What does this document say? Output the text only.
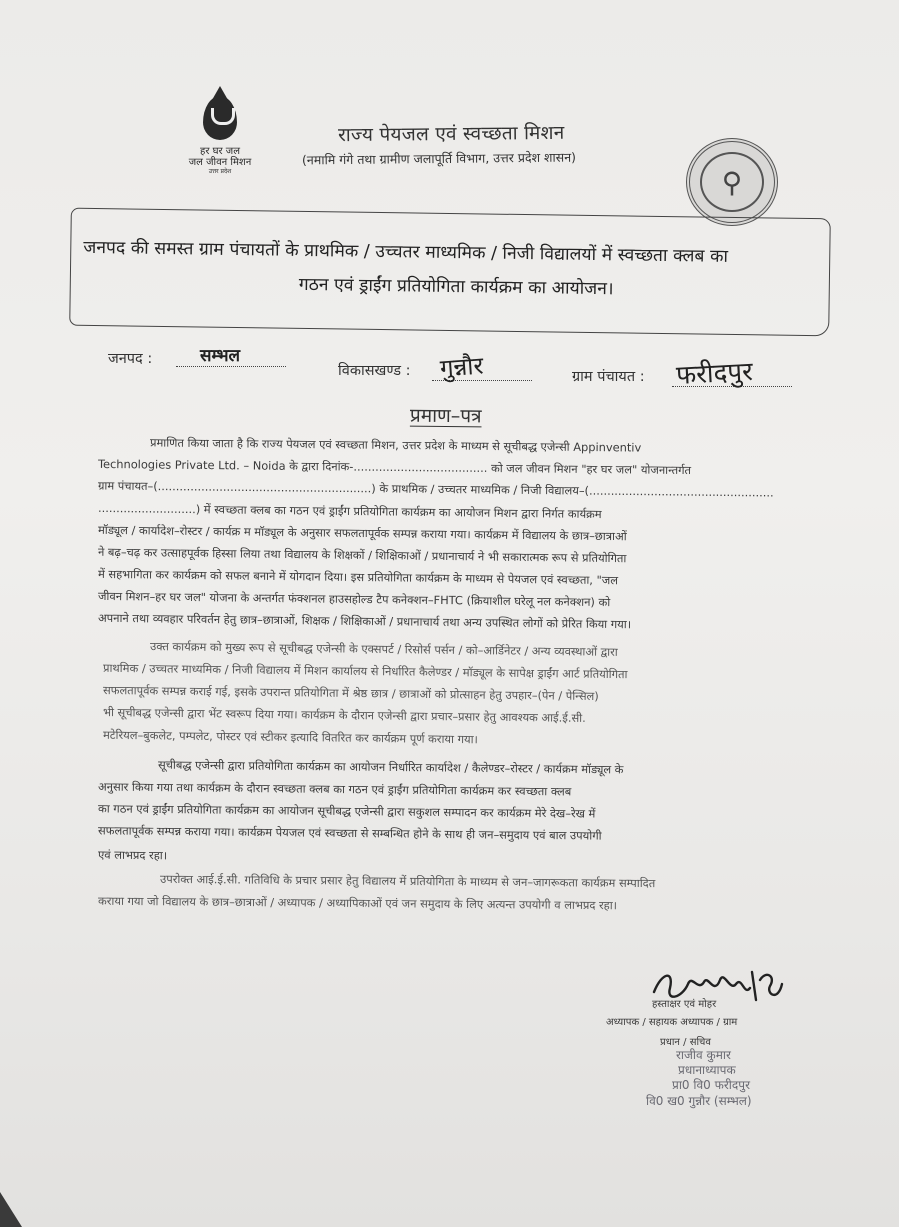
हर घर जल
जल जीवन मिशन
उत्तर प्रदेश
राज्य पेयजल एवं स्वच्छता मिशन
(नमामि गंगे तथा ग्रामीण जलापूर्ति विभाग, उत्तर प्रदेश शासन)
⚲
जनपद की समस्त ग्राम पंचायतों के प्राथमिक / उच्चतर माध्यमिक / निजी विद्यालयों में स्वच्छता क्लब का
गठन एवं ड्राईंग प्रतियोगिता कार्यक्रम का आयोजन।
जनपद :	सम्भल
विकासखण्ड : गुन्नौर	ग्राम पंचायत : फरीदपुर
प्रमाण–पत्र
प्रमाणित किया जाता है कि राज्य पेयजल एवं स्वच्छता मिशन, उत्तर प्रदेश के माध्यम से सूचीबद्ध एजेन्सी Appinventiv
Technologies Private Ltd. – Noida के द्वारा दिनांक-..................................... को जल जीवन मिशन "हर घर जल" योजनान्तर्गत
ग्राम पंचायत–(...........................................................) के प्राथमिक / उच्चतर माध्यमिक / निजी विद्यालय–(...................................................
...........................) में स्वच्छता क्लब का गठन एवं ड्राईंग प्रतियोगिता कार्यक्रम का आयोजन मिशन द्वारा निर्गत कार्यक्रम
मॉड्यूल / कार्यादेश–रोस्टर / कार्यक्र म मॉड्यूल के अनुसार सफलतापूर्वक सम्पन्न कराया गया। कार्यक्रम में विद्यालय के छात्र–छात्राओं
ने बढ़–चढ़ कर उत्साहपूर्वक हिस्सा लिया तथा विद्यालय के शिक्षकों / शिक्षिकाओं / प्रधानाचार्य ने भी सकारात्मक रूप से प्रतियोगिता
में सहभागिता कर कार्यक्रम को सफल बनाने में योगदान दिया। इस प्रतियोगिता कार्यक्रम के माध्यम से पेयजल एवं स्वच्छता, "जल
जीवन मिशन–हर घर जल" योजना के अन्तर्गत फंक्शनल हाउसहोल्ड टैप कनेक्शन–FHTC (क्रियाशील घरेलू नल कनेक्शन) को
अपनाने तथा व्यवहार परिवर्तन हेतु छात्र–छात्राओं, शिक्षक / शिक्षिकाओं / प्रधानाचार्य तथा अन्य उपस्थित लोगों को प्रेरित किया गया।
उक्त कार्यक्रम को मुख्य रूप से सूचीबद्ध एजेन्सी के एक्सपर्ट / रिसोर्स पर्सन / को–आर्डिनेटर / अन्य व्यवस्थाओं द्वारा
प्राथमिक / उच्चतर माध्यमिक / निजी विद्यालय में मिशन कार्यालय से निर्धारित कैलेण्डर / मॉड्यूल के सापेक्ष ड्राईंग आर्ट प्रतियोगिता
सफलतापूर्वक सम्पन्न कराई गई, इसके उपरान्त प्रतियोगिता में श्रेष्ठ छात्र / छात्राओं को प्रोत्साहन हेतु उपहार–(पेन / पेन्सिल)
भी सूचीबद्ध एजेन्सी द्वारा भेंट स्वरूप दिया गया। कार्यक्रम के दौरान एजेन्सी द्वारा प्रचार–प्रसार हेतु आवश्यक आई.ई.सी.
मटेरियल–बुकलेट, पम्पलेट, पोस्टर एवं स्टीकर इत्यादि वितरित कर कार्यक्रम पूर्ण कराया गया।
सूचीबद्ध एजेन्सी द्वारा प्रतियोगिता कार्यक्रम का आयोजन निर्धारित कार्यादेश / कैलेण्डर–रोस्टर / कार्यक्रम मॉड्यूल के
अनुसार किया गया तथा कार्यक्रम के दौरान स्वच्छता क्लब का गठन एवं ड्राईंग प्रतियोगिता कार्यक्रम कर स्वच्छता क्लब
का गठन एवं ड्राईंग प्रतियोगिता कार्यक्रम का आयोजन सूचीबद्ध एजेन्सी द्वारा सकुशल सम्पादन कर कार्यक्रम मेरे देख–रेख में
सफलतापूर्वक सम्पन्न कराया गया। कार्यक्रम पेयजल एवं स्वच्छता से सम्बन्धित होने के साथ ही जन–समुदाय एवं बाल उपयोगी
एवं लाभप्रद रहा।
उपरोक्त आई.ई.सी. गतिविधि के प्रचार प्रसार हेतु विद्यालय में प्रतियोगिता के माध्यम से जन–जागरूकता कार्यक्रम सम्पादित
कराया गया जो विद्यालय के छात्र–छात्राओं / अध्यापक / अध्यापिकाओं एवं जन समुदाय के लिए अत्यन्त उपयोगी व लाभप्रद रहा।
हस्ताक्षर एवं मोहर
अध्यापक / सहायक अध्यापक / ग्राम
प्रधान / सचिव
राजीव कुमार
प्रधानाध्यापक
प्रा0 वि0 फरीदपुर
वि0 ख0 गुन्नौर (सम्भल)
